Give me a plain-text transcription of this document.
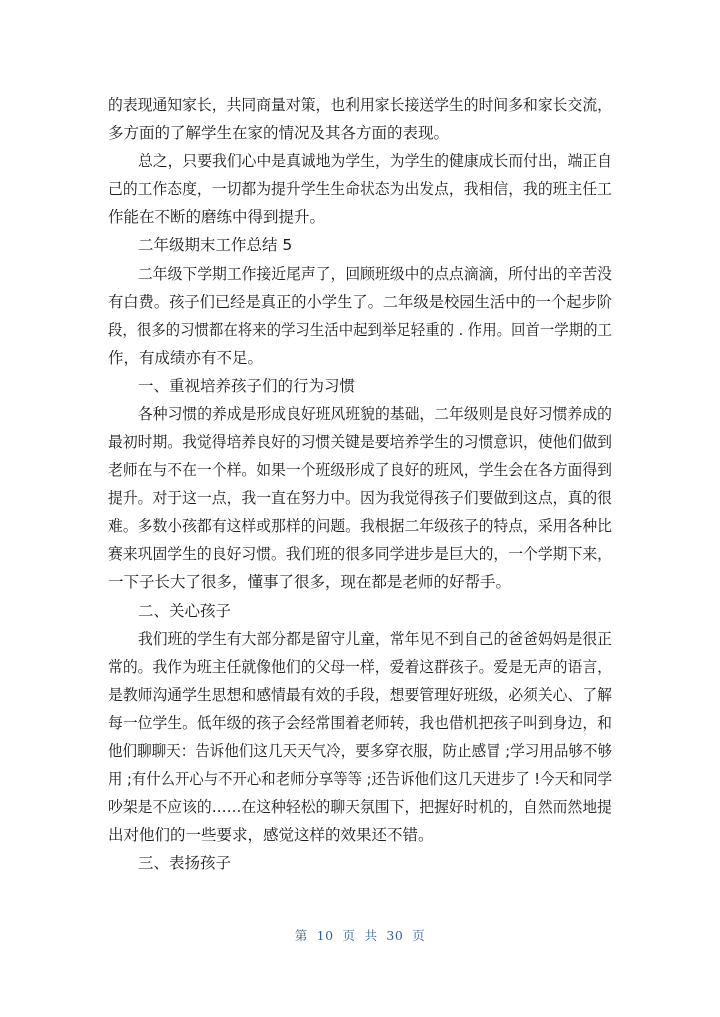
的表现通知家长，共同商量对策，也利用家长接送学生的时间多和家长交流，
多方面的了解学生在家的情况及其各方面的表现。
总之，只要我们心中是真诚地为学生，为学生的健康成长而付出，端正自
己的工作态度，一切都为提升学生生命状态为出发点，我相信，我的班主任工
作能在不断的磨练中得到提升。
二年级期末工作总结 5
二年级下学期工作接近尾声了，回顾班级中的点点滴滴，所付出的辛苦没
有白费。孩子们已经是真正的小学生了。二年级是校园生活中的一个起步阶
段，很多的习惯都在将来的学习生活中起到举足轻重的 . 作用。回首一学期的工
作，有成绩亦有不足。
一、重视培养孩子们的行为习惯
各种习惯的养成是形成良好班风班貌的基础，二年级则是良好习惯养成的
最初时期。我觉得培养良好的习惯关键是要培养学生的习惯意识，使他们做到
老师在与不在一个样。如果一个班级形成了良好的班风，学生会在各方面得到
提升。对于这一点，我一直在努力中。因为我觉得孩子们要做到这点，真的很
难。多数小孩都有这样或那样的问题。我根据二年级孩子的特点，采用各种比
赛来巩固学生的良好习惯。我们班的很多同学进步是巨大的，一个学期下来，
一下子长大了很多，懂事了很多，现在都是老师的好帮手。
二、关心孩子
我们班的学生有大部分都是留守儿童，常年见不到自己的爸爸妈妈是很正
常的。我作为班主任就像他们的父母一样，爱着这群孩子。爱是无声的语言，
是教师沟通学生思想和感情最有效的手段，想要管理好班级，必须关心、了解
每一位学生。低年级的孩子会经常围着老师转，我也借机把孩子叫到身边，和
他们聊聊天：告诉他们这几天天气冷，要多穿衣服，防止感冒 ;学习用品够不够
用 ;有什么开心与不开心和老师分享等等 ;还告诉他们这几天进步了 !今天和同学
吵架是不应该的……在这种轻松的聊天氛围下，把握好时机的，自然而然地提
出对他们的一些要求，感觉这样的效果还不错。
三、表扬孩子
第  10  页  共  30  页
